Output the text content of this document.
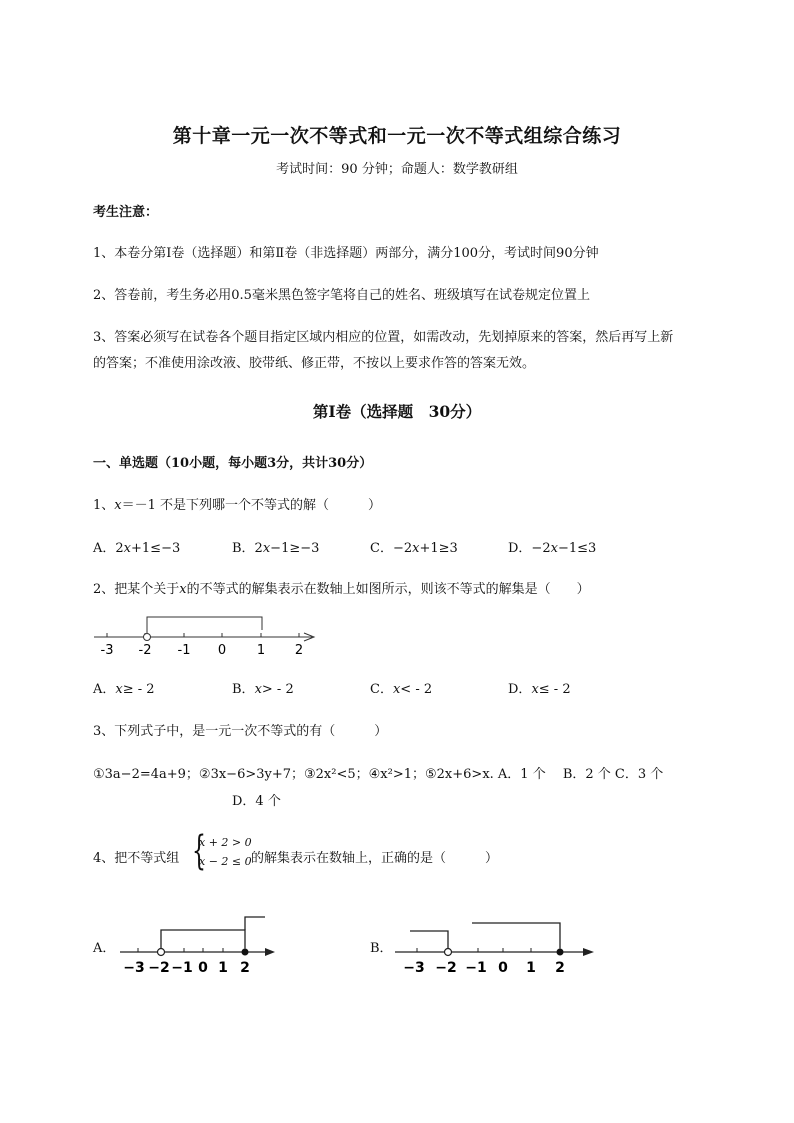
第十章一元一次不等式和一元一次不等式组综合练习
考试时间：90 分钟；命题人：数学教研组
考生注意：
1、本卷分第Ⅰ卷（选择题）和第Ⅱ卷（非选择题）两部分，满分100分，考试时间90分钟
2、答卷前，考生务必用0.5毫米黑色签字笔将自己的姓名、班级填写在试卷规定位置上
3、答案必须写在试卷各个题目指定区域内相应的位置，如需改动，先划掉原来的答案，然后再写上新
的答案；不准使用涂改液、胶带纸、修正带，不按以上要求作答的答案无效。
第Ⅰ卷（选择题　30分）
一、单选题（10小题，每小题3分，共计30分）
1、x＝－1 不是下列哪一个不等式的解（　　　）
A．2x+1≤−3	B．2x−1≥−3	C．−2x+1≥3	D．−2x−1≤3
2、把某个关于x的不等式的解集表示在数轴上如图所示，则该不等式的解集是（　　）
-3 -2 -1 0 1 2
A．x≥ - 2	B．x> - 2	C．x< - 2	D．x≤ - 2
3、下列式子中，是一元一次不等式的有（　　　）
①3a−2=4a+9；②3x−6>3y+7；③2x²<5；④x²>1；⑤2x+6>x. A．1 个　 B．2 个 C．3 个
D．4 个
4、把不等式组 {
x + 2 > 0
x − 2 ≤ 0 的解集表示在数轴上，正确的是（　　　）
A．
−3 −2 −1 0 1 2
B．
−3 −2 −1 0 1 2
